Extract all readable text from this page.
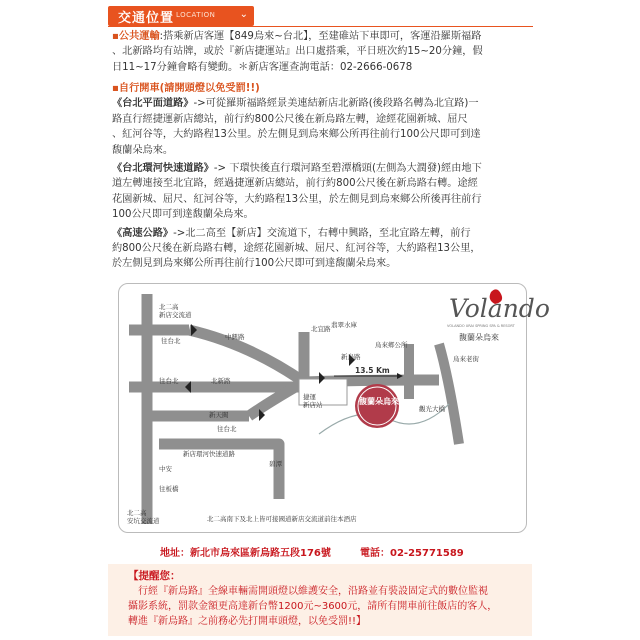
交通位置 LOCATION ⌄
▪公共運輸:搭乘新店客運【849烏來~台北】，至建碓站下車即可，客運沿羅斯福路
、北新路均有站牌，或於『新店捷運站』出口處搭乘，平日班次約15~20分鐘，假
日11~17分鐘會略有變動。＊新店客運查詢電話：02-2666-0678
▪自行開車(請開頭燈以免受罰!!)
《台北平面道路》->可從羅斯福路經景美連結新店北新路(後段路名轉為北宜路)一
路直行經捷運新店總站，前行約800公尺後在新烏路左轉，途經花園新城、屈尺
、紅河谷等，大約路程13公里。於左側見到烏來鄉公所再往前行100公尺即可到達
馥蘭朵烏來。
《台北環河快速道路》-> 下環快後直行環河路至碧潭橋頭(左側為大潤發)經由地下
道左轉連接至北宜路，經過捷運新店總站，前行約800公尺後在新烏路右轉。途經
花園新城、屈尺、紅河谷等，大約路程13公里，於左側見到烏來鄉公所後再往前行
100公尺即可到達馥蘭朵烏來。
《高速公路》->北二高至【新店】交流道下，右轉中興路，至北宜路左轉，前行
約800公尺後在新烏路右轉，途經花園新城、屈尺、紅河谷等，大約路程13公里，
於左側見到烏來鄉公所再往前行100公尺即可到達馥蘭朵烏來。
Volando
VOLANDO URAI SPRING SPA & RESORT
馥蘭朵烏來
北二高
新店交流道
往台北	中興路
北宜路
新烏路
翡翠水庫
烏來鄉公所
烏來老街
13.5 Km
往台北	北新路
新天闕
捷運
新店站
往台北
新店環河快速道路
中安
往板橋
碧潭
觀光大橋
北二高
安坑交流道	北二高南下及北上皆可接國道新店交流道前往本酒店
馥蘭朵烏來
地址：新北市烏來區新烏路五段176號	電話：02-25771589
【提醒您：
行經『新烏路』全線車輛需開頭燈以維護安全，沿路並有裝設固定式的數位監視
攝影系統，罰款金額更高達新台幣1200元~3600元，請所有開車前往飯店的客人，
轉進『新烏路』之前務必先打開車頭燈，以免受罰!!】
